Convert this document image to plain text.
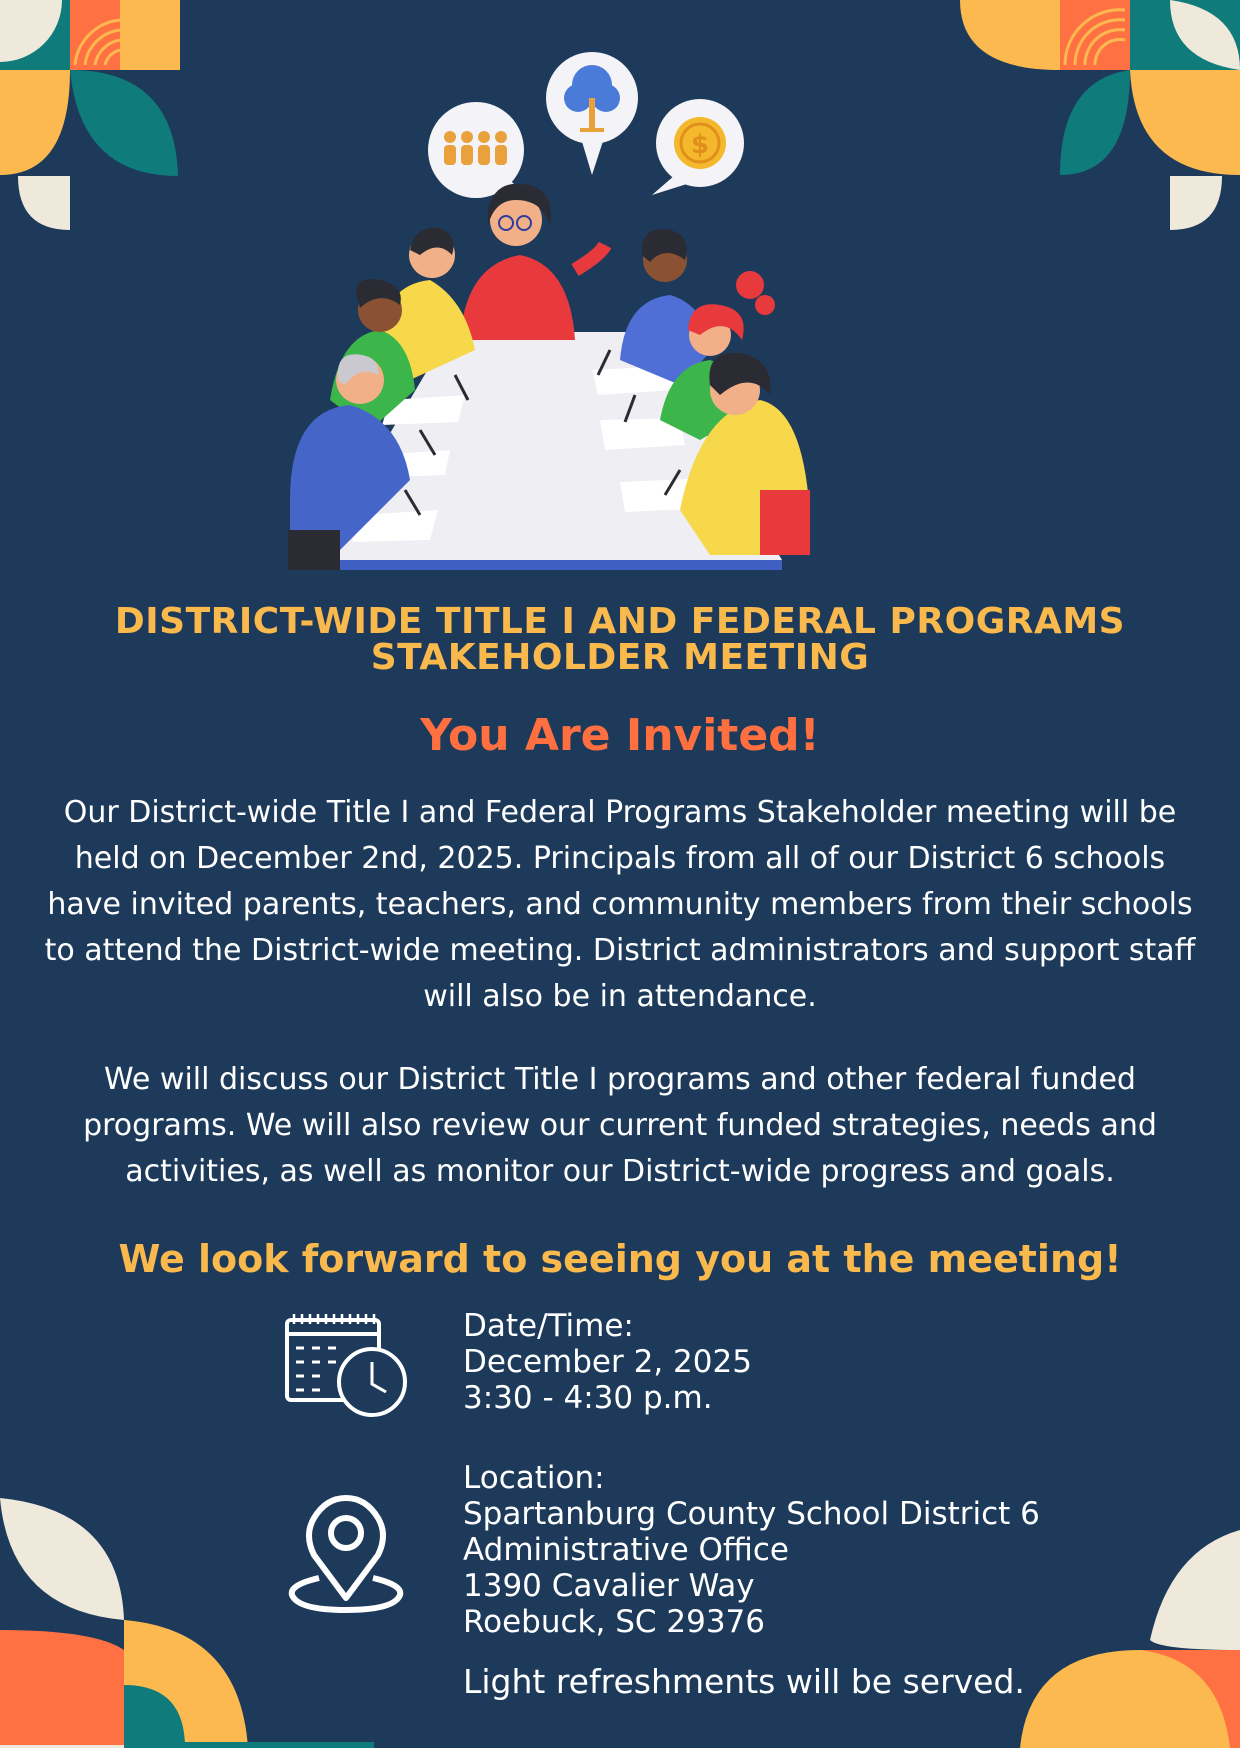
$
DISTRICT-WIDE TITLE I AND FEDERAL PROGRAMS
STAKEHOLDER MEETING

You Are Invited!

Our District-wide Title I and Federal Programs Stakeholder meeting will be held on December 2nd, 2025. Principals from all of our District 6 schools have invited parents, teachers, and community members from their schools to attend the District-wide meeting. District administrators and support staff will also be in attendance.

We will discuss our District Title I programs and other federal funded programs. We will also review our current funded strategies, needs and activities, as well as monitor our District-wide progress and goals.

We look forward to seeing you at the meeting!

Date/Time:
December 2, 2025
3:30 - 4:30 p.m.
Location:
Spartanburg County School District 6
Administrative Office
1390 Cavalier Way
Roebuck, SC 29376
Light refreshments will be served.
